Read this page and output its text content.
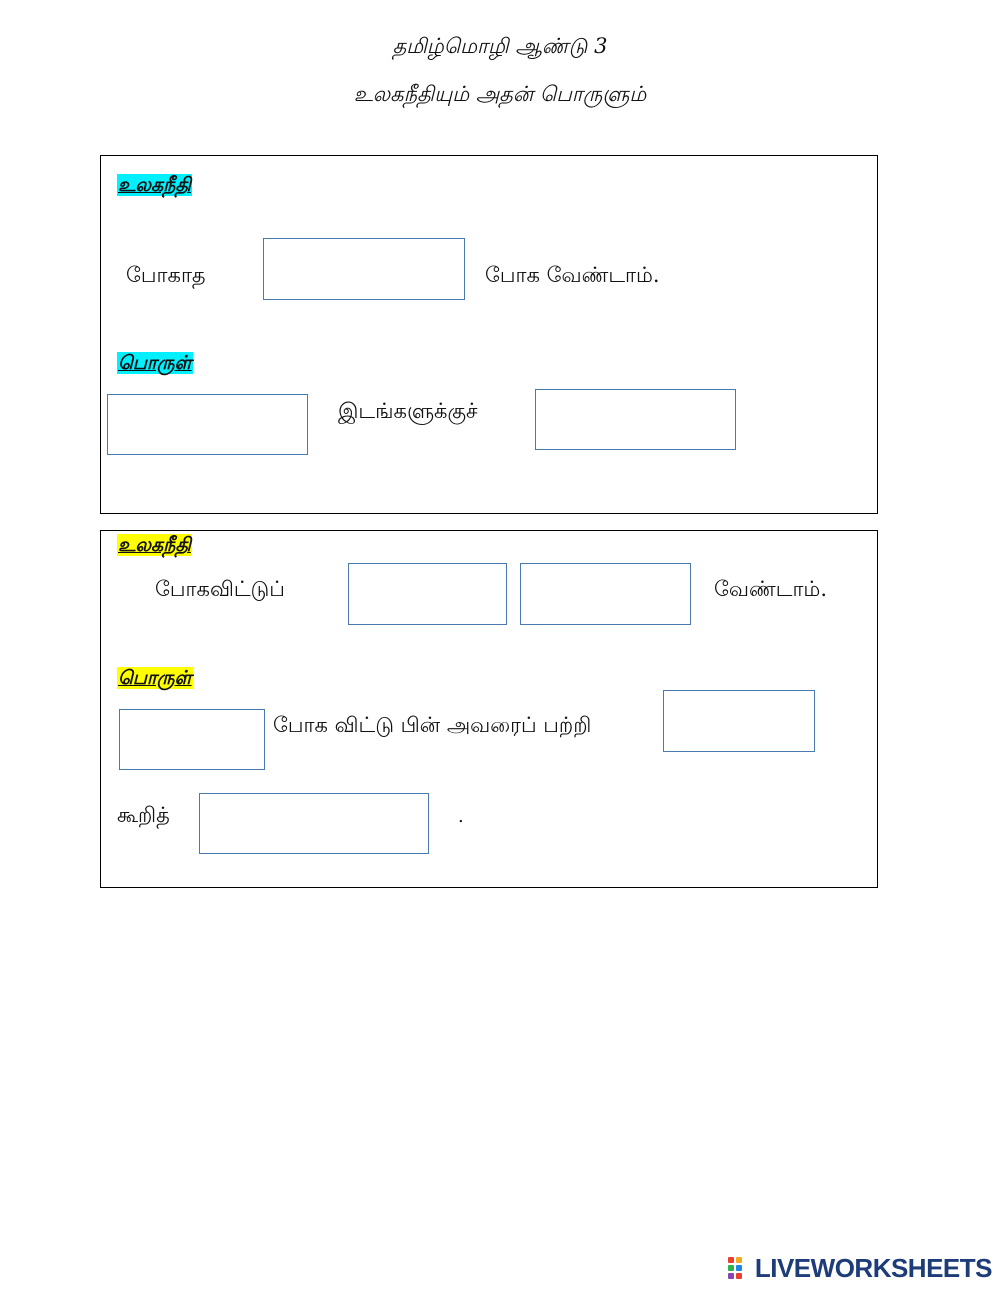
தமிழ்மொழி ஆண்டு 3
உலகநீதியும் அதன் பொருளும்
உலகநீதி
போகாத	போக வேண்டாம்.
பொருள்
இடங்களுக்குச்
உலகநீதி
போகவிட்டுப்	வேண்டாம்.
பொருள்
போக விட்டு பின் அவரைப் பற்றி
கூறித்	.
LIVEWORKSHEETS
